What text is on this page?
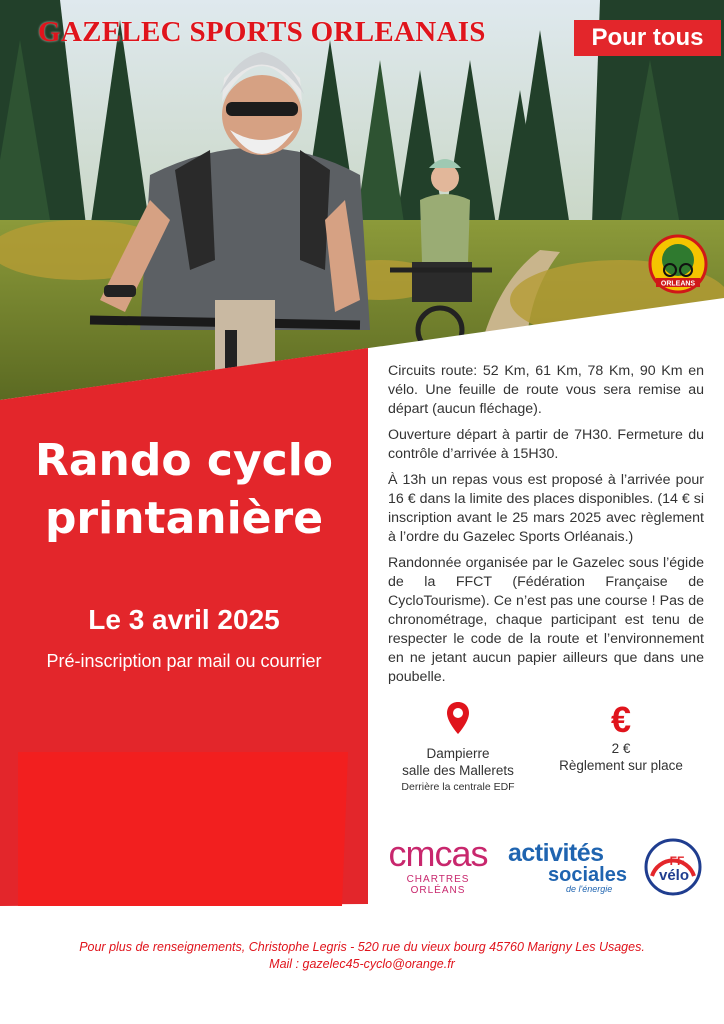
GAZELEC SPORTS ORLEANAIS	Pour tous
ORLEANS
Rando cyclo
printanière
Le 3 avril 2025
Pré-inscription par mail ou courrier

Circuits route: 52 Km, 61 Km, 78 Km, 90 Km en vélo. Une feuille de route vous sera remise au départ (aucun fléchage).

Ouverture départ à partir de 7H30. Fermeture du contrôle d’arrivée à 15H30.

À 13h un repas vous est proposé à l’arrivée pour 16 € dans la limite des places disponibles. (14 € si inscription avant le 25 mars 2025 avec règlement à l’ordre du Gazelec Sports Orléanais.)

Randonnée organisée par le Gazelec sous l’égide de la FFCT (Fédération Française de CycloTourisme). Ce n’est pas une course ! Pas de chronométrage, chaque participant est tenu de respecter le code de la route et l’environnement en ne jetant aucun papier ailleurs que dans une poubelle.

Dampierre
salle des Mallerets
Derrière la centrale EDF
€
2 €
Règlement sur place
cmcas
CHARTRES
ORLÉANS
activités
sociales
de l'énergie
FF
vélo
Pour plus de renseignements, Christophe Legris - 520 rue du vieux bourg 45760 Marigny Les Usages.
Mail : gazelec45-cyclo@orange.fr
